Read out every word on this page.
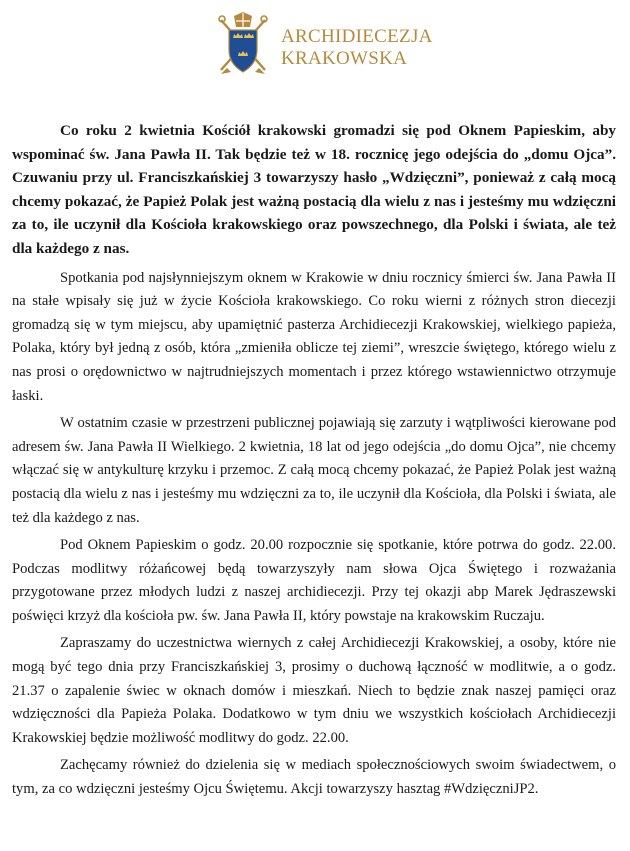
ARCHIDIECEZJA
KRAKOWSKA

Co roku 2 kwietnia Kościół krakowski gromadzi się pod Oknem Papieskim, aby wspominać św. Jana Pawła II. Tak będzie też w 18. rocznicę jego odejścia do „domu Ojca”. Czuwaniu przy ul. Franciszkańskiej 3 towarzyszy hasło „Wdzięczni”, ponieważ z całą mocą chcemy pokazać, że Papież Polak jest ważną postacią dla wielu z nas i jesteśmy mu wdzięczni za to, ile uczynił dla Kościoła krakowskiego oraz powszechnego, dla Polski i świata, ale też dla każdego z nas.

Spotkania pod najsłynniejszym oknem w Krakowie w dniu rocznicy śmierci św. Jana Pawła II na stałe wpisały się już w życie Kościoła krakowskiego. Co roku wierni z różnych stron diecezji gromadzą się w tym miejscu, aby upamiętnić pasterza Archidiecezji Krakowskiej, wielkiego papieża, Polaka, który był jedną z osób, która „zmieniła oblicze tej ziemi”, wreszcie świętego, którego wielu z nas prosi o orędownictwo w najtrudniejszych momentach i przez którego wstawiennictwo otrzymuje łaski.

W ostatnim czasie w przestrzeni publicznej pojawiają się zarzuty i wątpliwości kierowane pod adresem św. Jana Pawła II Wielkiego. 2 kwietnia, 18 lat od jego odejścia „do domu Ojca”, nie chcemy włączać się w antykulturę krzyku i przemoc. Z całą mocą chcemy pokazać, że Papież Polak jest ważną postacią dla wielu z nas i jesteśmy mu wdzięczni za to, ile uczynił dla Kościoła, dla Polski i świata, ale też dla każdego z nas.

Pod Oknem Papieskim o godz. 20.00 rozpocznie się spotkanie, które potrwa do godz. 22.00. Podczas modlitwy różańcowej będą towarzyszyły nam słowa Ojca Świętego i rozważania przygotowane przez młodych ludzi z naszej archidiecezji. Przy tej okazji abp Marek Jędraszewski poświęci krzyż dla kościoła pw. św. Jana Pawła II, który powstaje na krakowskim Ruczaju.

Zapraszamy do uczestnictwa wiernych z całej Archidiecezji Krakowskiej, a osoby, które nie mogą być tego dnia przy Franciszkańskiej 3, prosimy o duchową łączność w modlitwie, a o godz. 21.37 o zapalenie świec w oknach domów i mieszkań. Niech to będzie znak naszej pamięci oraz wdzięczności dla Papieża Polaka. Dodatkowo w tym dniu we wszystkich kościołach Archidiecezji Krakowskiej będzie możliwość modlitwy do godz. 22.00.

Zachęcamy również do dzielenia się w mediach społecznościowych swoim świadectwem, o tym, za co wdzięczni jesteśmy Ojcu Świętemu. Akcji towarzyszy hasztag #WdzięczniJP2.
